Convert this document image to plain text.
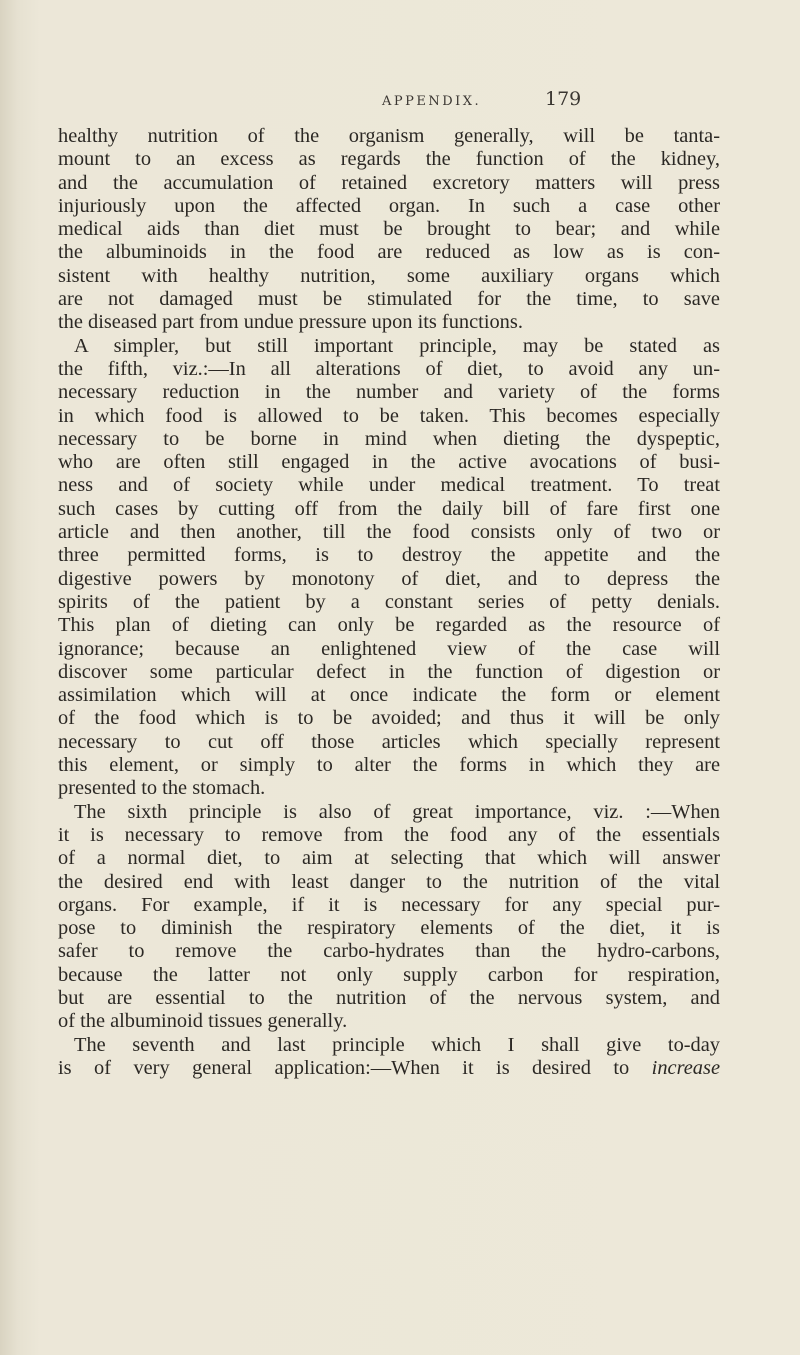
APPENDIX.	179
healthy nutrition of the organism generally, will be tanta-
mount to an excess as regards the function of the kidney,
and the accumulation of retained excretory matters will press
injuriously upon the affected organ. In such a case other
medical aids than diet must be brought to bear; and while
the albuminoids in the food are reduced as low as is con-
sistent with healthy nutrition, some auxiliary organs which
are not damaged must be stimulated for the time, to save
the diseased part from undue pressure upon its functions.
A simpler, but still important principle, may be stated as
the fifth, viz.:—In all alterations of diet, to avoid any un-
necessary reduction in the number and variety of the forms
in which food is allowed to be taken. This becomes especially
necessary to be borne in mind when dieting the dyspeptic,
who are often still engaged in the active avocations of busi-
ness and of society while under medical treatment. To treat
such cases by cutting off from the daily bill of fare first one
article and then another, till the food consists only of two or
three permitted forms, is to destroy the appetite and the
digestive powers by monotony of diet, and to depress the
spirits of the patient by a constant series of petty denials.
This plan of dieting can only be regarded as the resource of
ignorance; because an enlightened view of the case will
discover some particular defect in the function of digestion or
assimilation which will at once indicate the form or element
of the food which is to be avoided; and thus it will be only
necessary to cut off those articles which specially represent
this element, or simply to alter the forms in which they are
presented to the stomach.
The sixth principle is also of great importance, viz. :—When
it is necessary to remove from the food any of the essentials
of a normal diet, to aim at selecting that which will answer
the desired end with least danger to the nutrition of the vital
organs. For example, if it is necessary for any special pur-
pose to diminish the respiratory elements of the diet, it is
safer to remove the carbo-hydrates than the hydro-carbons,
because the latter not only supply carbon for respiration,
but are essential to the nutrition of the nervous system, and
of the albuminoid tissues generally.
The seventh and last principle which I shall give to-day
is of very general application:—When it is desired to increase
